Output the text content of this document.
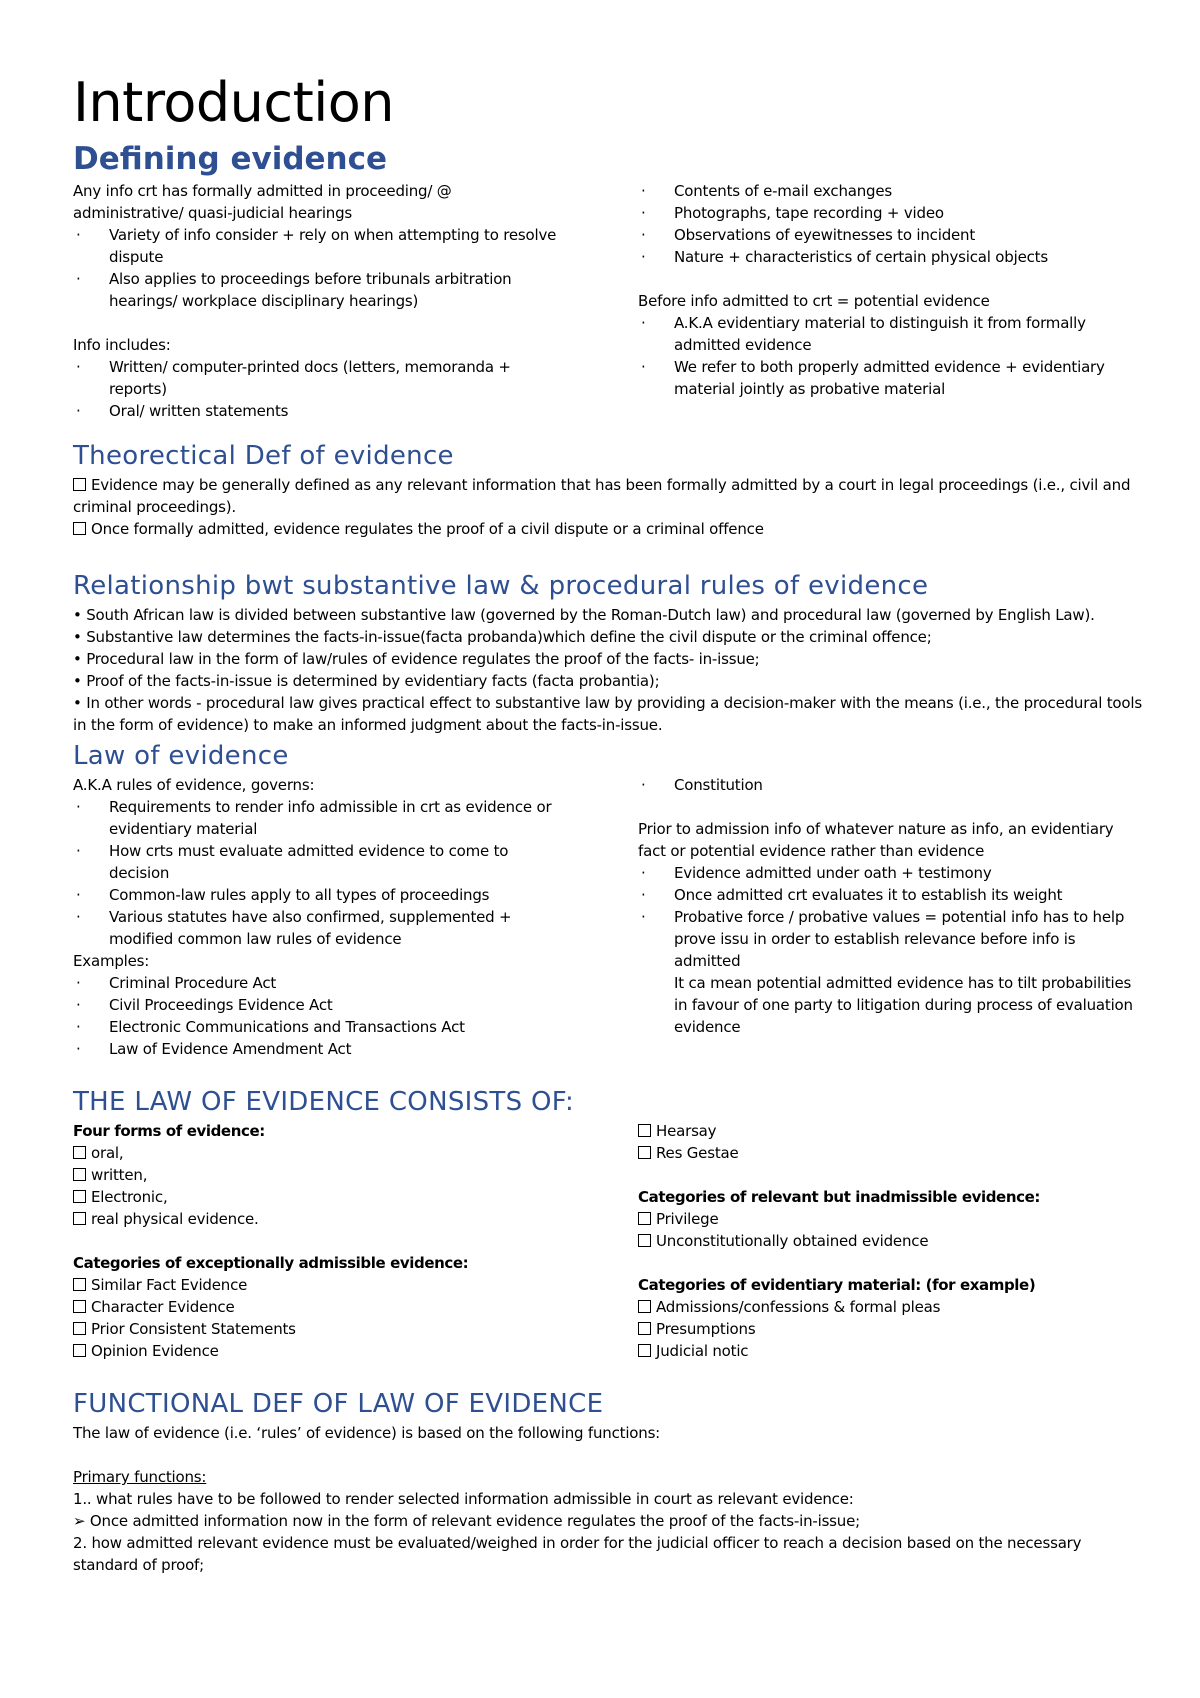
Introduction
Defining evidence
Any info crt has formally admitted in proceeding/ @ administrative/ quasi-judicial hearings
· Variety of info consider + rely on when attempting to resolve dispute
· Also applies to proceedings before tribunals arbitration hearings/ workplace disciplinary hearings)
Info includes:
· Written/ computer-printed docs (letters, memoranda + reports)
· Oral/ written statements
· Contents of e-mail exchanges
· Photographs, tape recording + video
· Observations of eyewitnesses to incident
· Nature + characteristics of certain physical objects
Before info admitted to crt = potential evidence
· A.K.A evidentiary material to distinguish it from formally admitted evidence
· We refer to both properly admitted evidence + evidentiary material jointly as probative material
Theorectical Def of evidence
Evidence may be generally defined as any relevant information that has been formally admitted by a court in legal proceedings (i.e., civil and criminal proceedings).
Once formally admitted, evidence regulates the proof of a civil dispute or a criminal offence
Relationship bwt substantive law & procedural rules of evidence
• South African law is divided between substantive law (governed by the Roman-Dutch law) and procedural law (governed by English Law).
• Substantive law determines the facts-in-issue(facta probanda)which define the civil dispute or the criminal offence;
• Procedural law in the form of law/rules of evidence regulates the proof of the facts- in-issue;
• Proof of the facts-in-issue is determined by evidentiary facts (facta probantia);
• In other words - procedural law gives practical effect to substantive law by providing a decision-maker with the means (i.e., the procedural tools in the form of evidence) to make an informed judgment about the facts-in-issue.
Law of evidence
A.K.A rules of evidence, governs:
· Requirements to render info admissible in crt as evidence or evidentiary material
· How crts must evaluate admitted evidence to come to decision
· Common-law rules apply to all types of proceedings
· Various statutes have also confirmed, supplemented + modified common law rules of evidence
Examples:
· Criminal Procedure Act
· Civil Proceedings Evidence Act
· Electronic Communications and Transactions Act
· Law of Evidence Amendment Act
· Constitution
Prior to admission info of whatever nature as info, an evidentiary fact or potential evidence rather than evidence
· Evidence admitted under oath + testimony
· Once admitted crt evaluates it to establish its weight
· Probative force / probative values = potential info has to help prove issu in order to establish relevance before info is admitted
It ca mean potential admitted evidence has to tilt probabilities in favour of one party to litigation during process of evaluation evidence
THE LAW OF EVIDENCE CONSISTS OF:
Four forms of evidence:
oral,
written,
Electronic,
real physical evidence.
Categories of exceptionally admissible evidence:
Similar Fact Evidence
Character Evidence
Prior Consistent Statements
Opinion Evidence
Hearsay
Res Gestae
Categories of relevant but inadmissible evidence:
Privilege
Unconstitutionally obtained evidence
Categories of evidentiary material: (for example)
Admissions/confessions & formal pleas
Presumptions
Judicial notic
FUNCTIONAL DEF OF LAW OF EVIDENCE
The law of evidence (i.e. ‘rules’ of evidence) is based on the following functions:
Primary functions:
1.. what rules have to be followed to render selected information admissible in court as relevant evidence:
➢ Once admitted information now in the form of relevant evidence regulates the proof of the facts-in-issue;
2. how admitted relevant evidence must be evaluated/weighed in order for the judicial officer to reach a decision based on the necessary standard of proof;
